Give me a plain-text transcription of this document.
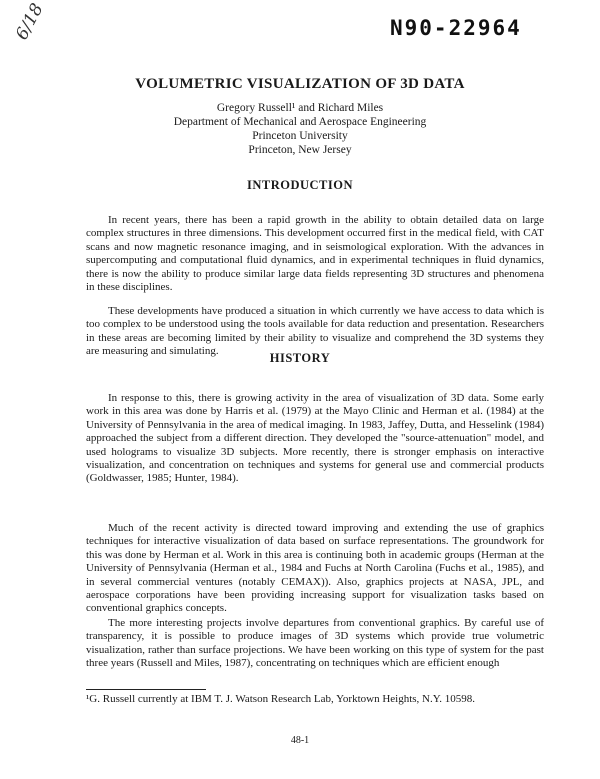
6/18	N90-22964
VOLUMETRIC VISUALIZATION OF 3D DATA
Gregory Russell¹ and Richard Miles
Department of Mechanical and Aerospace Engineering
Princeton University
Princeton, New Jersey
INTRODUCTION

In recent years, there has been a rapid growth in the ability to obtain detailed data on large complex structures in three dimensions. This development occurred first in the medical field, with CAT scans and now magnetic resonance imaging, and in seismological exploration. With the advances in supercomputing and computational fluid dynamics, and in experimental techniques in fluid dynamics, there is now the ability to produce similar large data fields representing 3D structures and phenomena in these disciplines.

These developments have produced a situation in which currently we have access to data which is too complex to be understood using the tools available for data reduction and presentation. Researchers in these areas are becoming limited by their ability to visualize and comprehend the 3D systems they are measuring and simulating.	HISTORY

In response to this, there is growing activity in the area of visualization of 3D data. Some early work in this area was done by Harris et al. (1979) at the Mayo Clinic and Herman et al. (1984) at the University of Pennsylvania in the area of medical imaging. In 1983, Jaffey, Dutta, and Hesselink (1984) approached the subject from a different direction. They developed the "source-attenuation" model, and used holograms to visualize 3D subjects. More recently, there is stronger emphasis on interactive visualization, and concentration on techniques and systems for general use and commercial products (Goldwasser, 1985; Hunter, 1984).

Much of the recent activity is directed toward improving and extending the use of graphics techniques for interactive visualization of data based on surface representations. The groundwork for this was done by Herman et al. Work in this area is continuing both in academic groups (Herman at the University of Pennsylvania (Herman et al., 1984 and Fuchs at North Carolina (Fuchs et al., 1985), and in several commercial ventures (notably CEMAX)). Also, graphics projects at NASA, JPL, and aerospace corporations have been providing increasing support for visualization tasks based on conventional graphics concepts.

The more interesting projects involve departures from conventional graphics. By careful use of transparency, it is possible to produce images of 3D systems which provide true volumetric visualization, rather than surface projections. We have been working on this type of system for the past three years (Russell and Miles, 1987), concentrating on techniques which are efficient enough

¹G. Russell currently at IBM T. J. Watson Research Lab, Yorktown Heights, N.Y. 10598.
48-1
